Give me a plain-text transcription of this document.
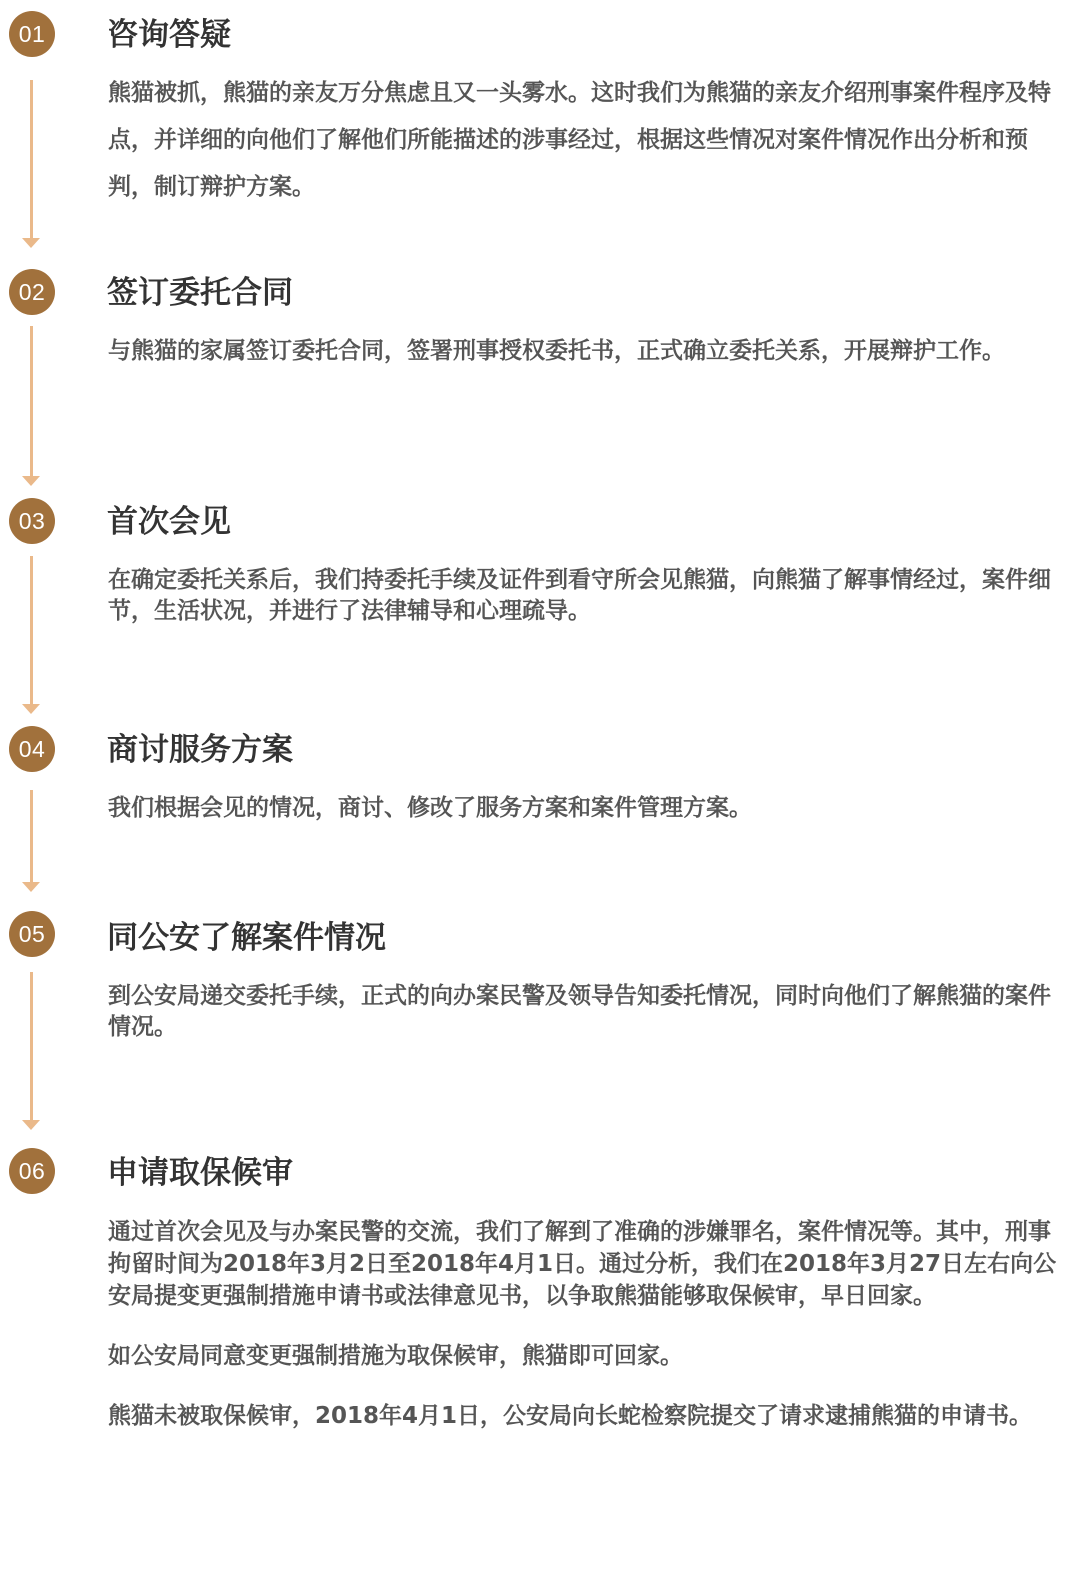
01	咨询答疑

熊猫被抓，熊猫的亲友万分焦虑且又一头雾水。这时我们为熊猫的亲友介绍刑事案件程序及特点，并详细的向他们了解他们所能描述的涉事经过，根据这些情况对案件情况作出分析和预判，制订辩护方案。

02	签订委托合同

与熊猫的家属签订委托合同，签署刑事授权委托书，正式确立委托关系，开展辩护工作。

03	首次会见

在确定委托关系后，我们持委托手续及证件到看守所会见熊猫，向熊猫了解事情经过，案件细节，生活状况，并进行了法律辅导和心理疏导。

04	商讨服务方案

我们根据会见的情况，商讨、修改了服务方案和案件管理方案。

05	同公安了解案件情况

到公安局递交委托手续，正式的向办案民警及领导告知委托情况，同时向他们了解熊猫的案件情况。

06	申请取保候审

通过首次会见及与办案民警的交流，我们了解到了准确的涉嫌罪名，案件情况等。其中，刑事拘留时间为2018年3月2日至2018年4月1日。通过分析，我们在2018年3月27日左右向公安局提变更强制措施申请书或法律意见书，以争取熊猫能够取保候审，早日回家。

如公安局同意变更强制措施为取保候审，熊猫即可回家。

熊猫未被取保候审，2018年4月1日，公安局向长蛇检察院提交了请求逮捕熊猫的申请书。
